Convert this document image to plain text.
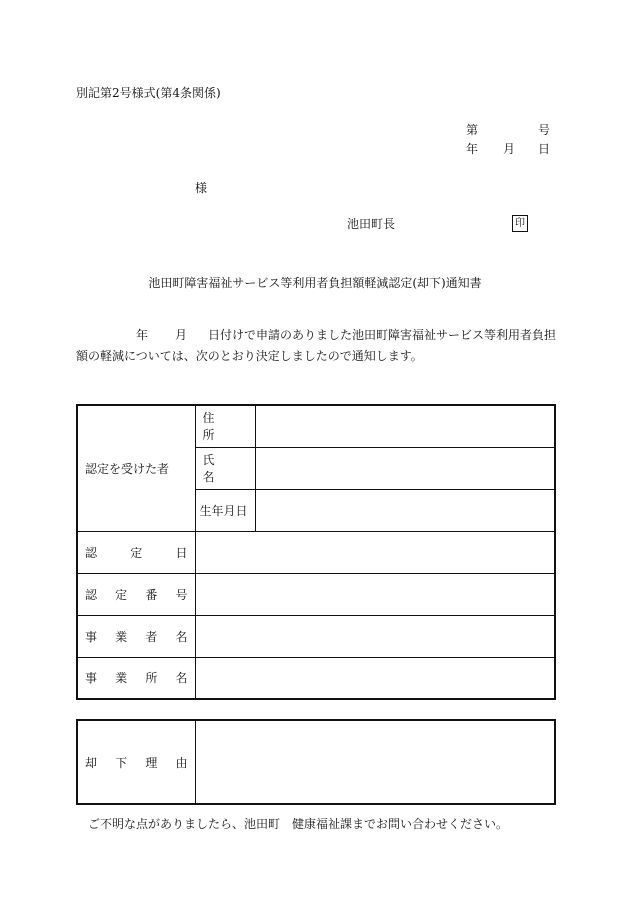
別記第2号様式(第4条関係)
第	号
年 月 日
様
池田町長	印
池田町障害福祉サービス等利用者負担額軽減認定(却下)通知書
年 月 日付けで申請のありました池田町障害福祉サービス等利用者負担
額の軽減については、次のとおり決定しましたので通知します。
認定を受けた者	住所	

	氏名	

	生年月日	

認 定 日		

認 定 番 号		

事 業 者 名		

事 業 所 名		

却 下 理 由

ご不明な点がありましたら、池田町　健康福祉課までお問い合わせください。
